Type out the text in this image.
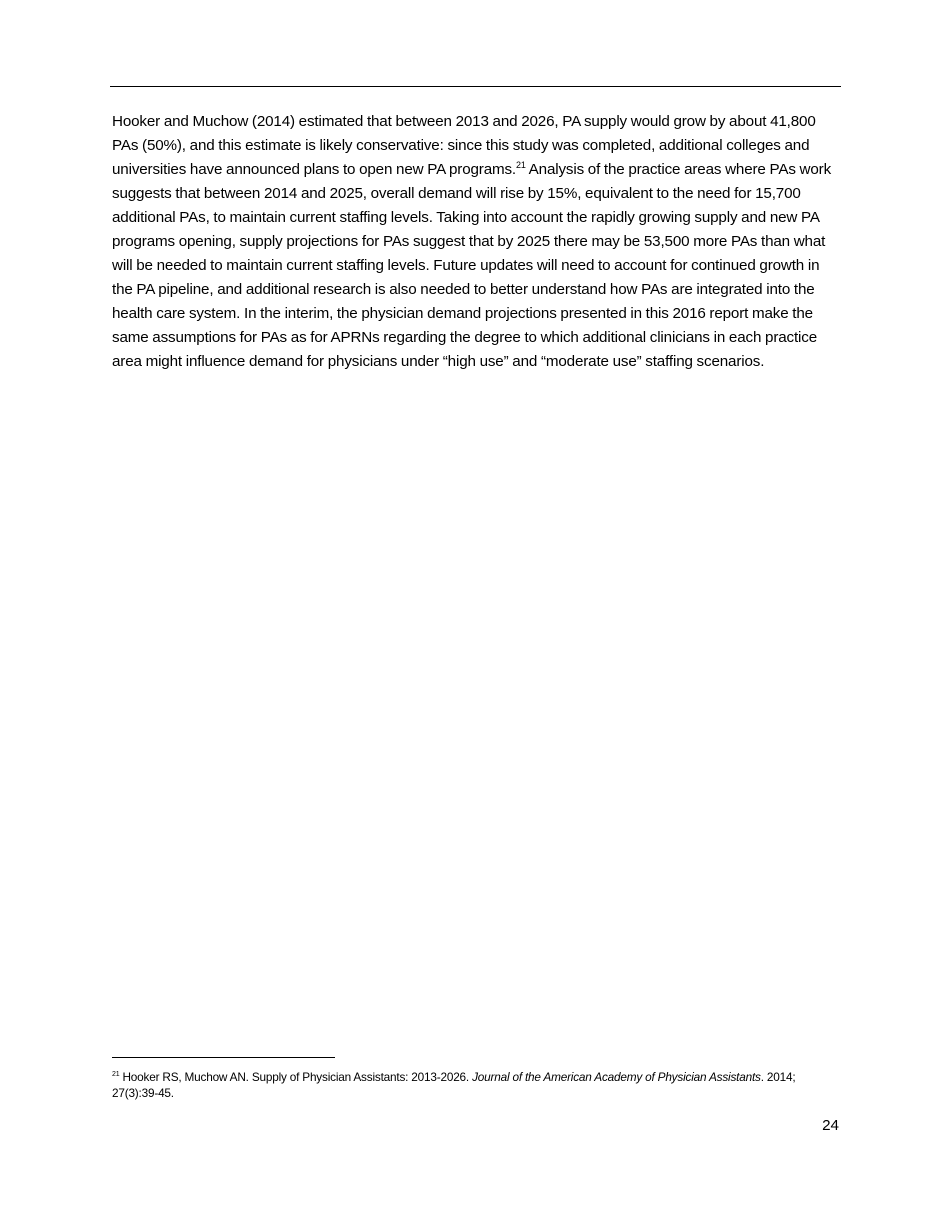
Hooker and Muchow (2014) estimated that between 2013 and 2026, PA supply would grow by about 41,800 PAs (50%), and this estimate is likely conservative: since this study was completed, additional colleges and universities have announced plans to open new PA programs.$^{21}$ Analysis of the practice areas where PAs work suggests that between 2014 and 2025, overall demand will rise by 15%, equivalent to the need for 15,700 additional PAs, to maintain current staffing levels. Taking into account the rapidly growing supply and new PA programs opening, supply projections for PAs suggest that by 2025 there may be 53,500 more PAs than what will be needed to maintain current staffing levels. Future updates will need to account for continued growth in the PA pipeline, and additional research is also needed to better understand how PAs are integrated into the health care system. In the interim, the physician demand projections presented in this 2016 report make the same assumptions for PAs as for APRNs regarding the degree to which additional clinicians in each practice area might influence demand for physicians under “high use” and “moderate use” staffing scenarios.

$^{21}$ Hooker RS, Muchow AN. Supply of Physician Assistants: 2013-2026. Journal of the American Academy of Physician Assistants. 2014; 27(3):39-45.

24
